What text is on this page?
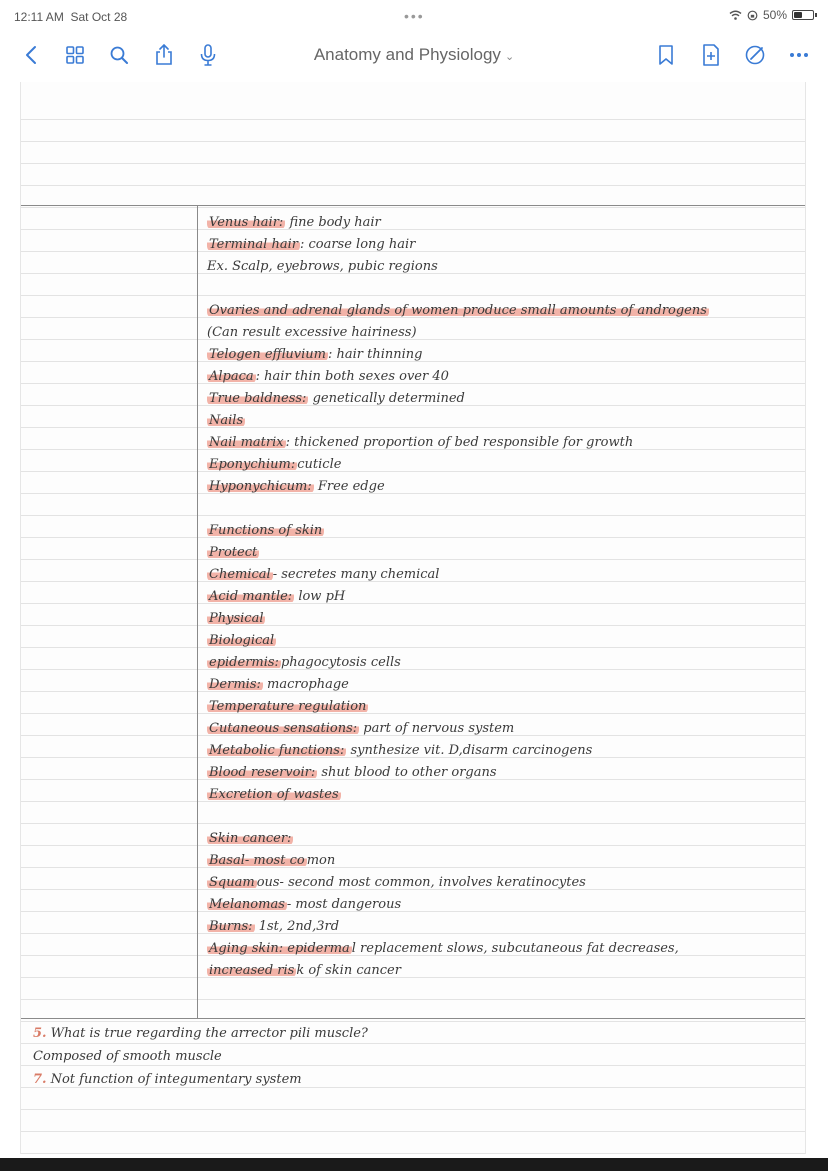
12:11 AM Sat Oct 28	•••	50%
Anatomy and Physiology ⌄
Venus hair: fine body hair
Terminal hair : coarse long hair
Ex. Scalp, eyebrows, pubic regions
Ovaries and adrenal glands of women produce small amounts of androgens
(Can result excessive hairiness)
Telogen effluvium : hair thinning
Alpaca : hair thin both sexes over 40
True baldness: genetically determined
Nails
Nail matrix : thickened proportion of bed responsible for growth
Eponychium: cuticle
Hyponychicum: Free edge
Functions of skin
Protect
Chemical - secretes many chemical
Acid mantle: low pH
Physical
Biological
epidermis: phagocytosis cells
Dermis: macrophage
Temperature regulation
Cutaneous sensations: part of nervous system
Metabolic functions: synthesize vit. D,disarm carcinogens
Blood reservoir: shut blood to other organs
Excretion of wastes
Skin cancer:
Basal- most co mon
Squam ous- second most common, involves keratinocytes
Melanomas - most dangerous
Burns: 1st, 2nd,3rd
Aging skin: epiderma l replacement slows, subcutaneous fat decreases,
increased ris k of skin cancer
5. What is true regarding the arrector pili muscle?
Composed of smooth muscle
7. Not function of integumentary system
